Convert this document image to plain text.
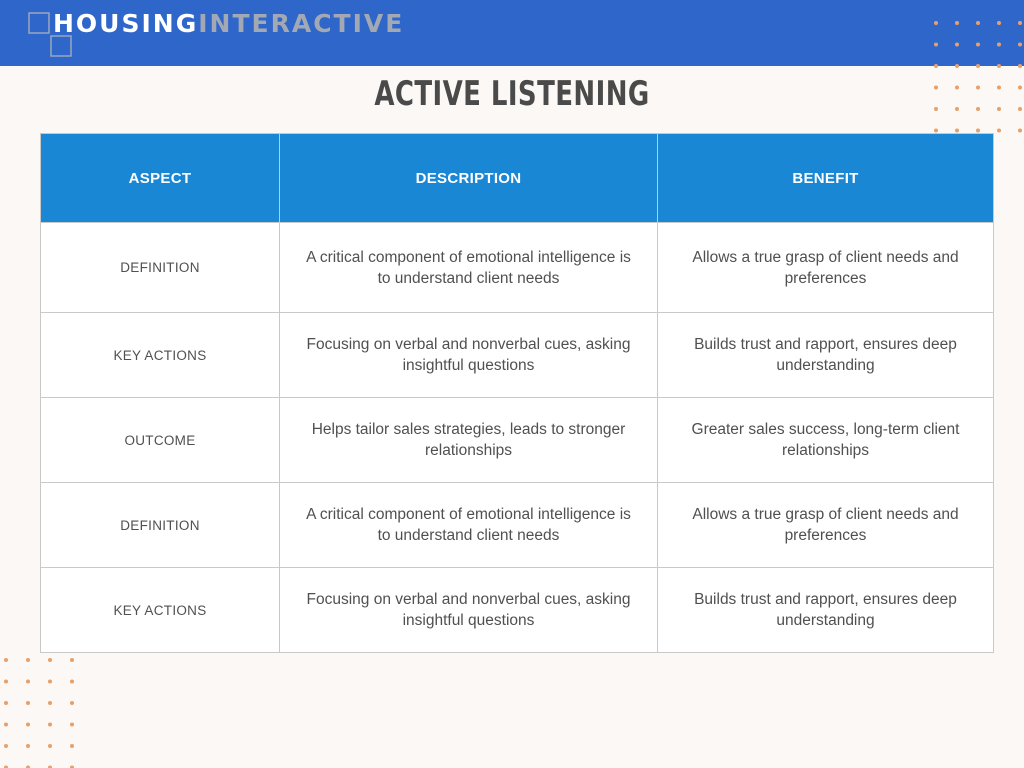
HOUSINGINTERACTIVE
ACTIVE LISTENING
ASPECT	DESCRIPTION	BENEFIT
DEFINITION	A critical component of emotional intelligence is to understand client needs	Allows a true grasp of client needs and preferences
KEY ACTIONS	Focusing on verbal and nonverbal cues, asking insightful questions	Builds trust and rapport, ensures deep understanding
OUTCOME	Helps tailor sales strategies, leads to stronger relationships	Greater sales success, long-term client relationships
DEFINITION	A critical component of emotional intelligence is to understand client needs	Allows a true grasp of client needs and preferences
KEY ACTIONS	Focusing on verbal and nonverbal cues, asking insightful questions	Builds trust and rapport, ensures deep understanding
